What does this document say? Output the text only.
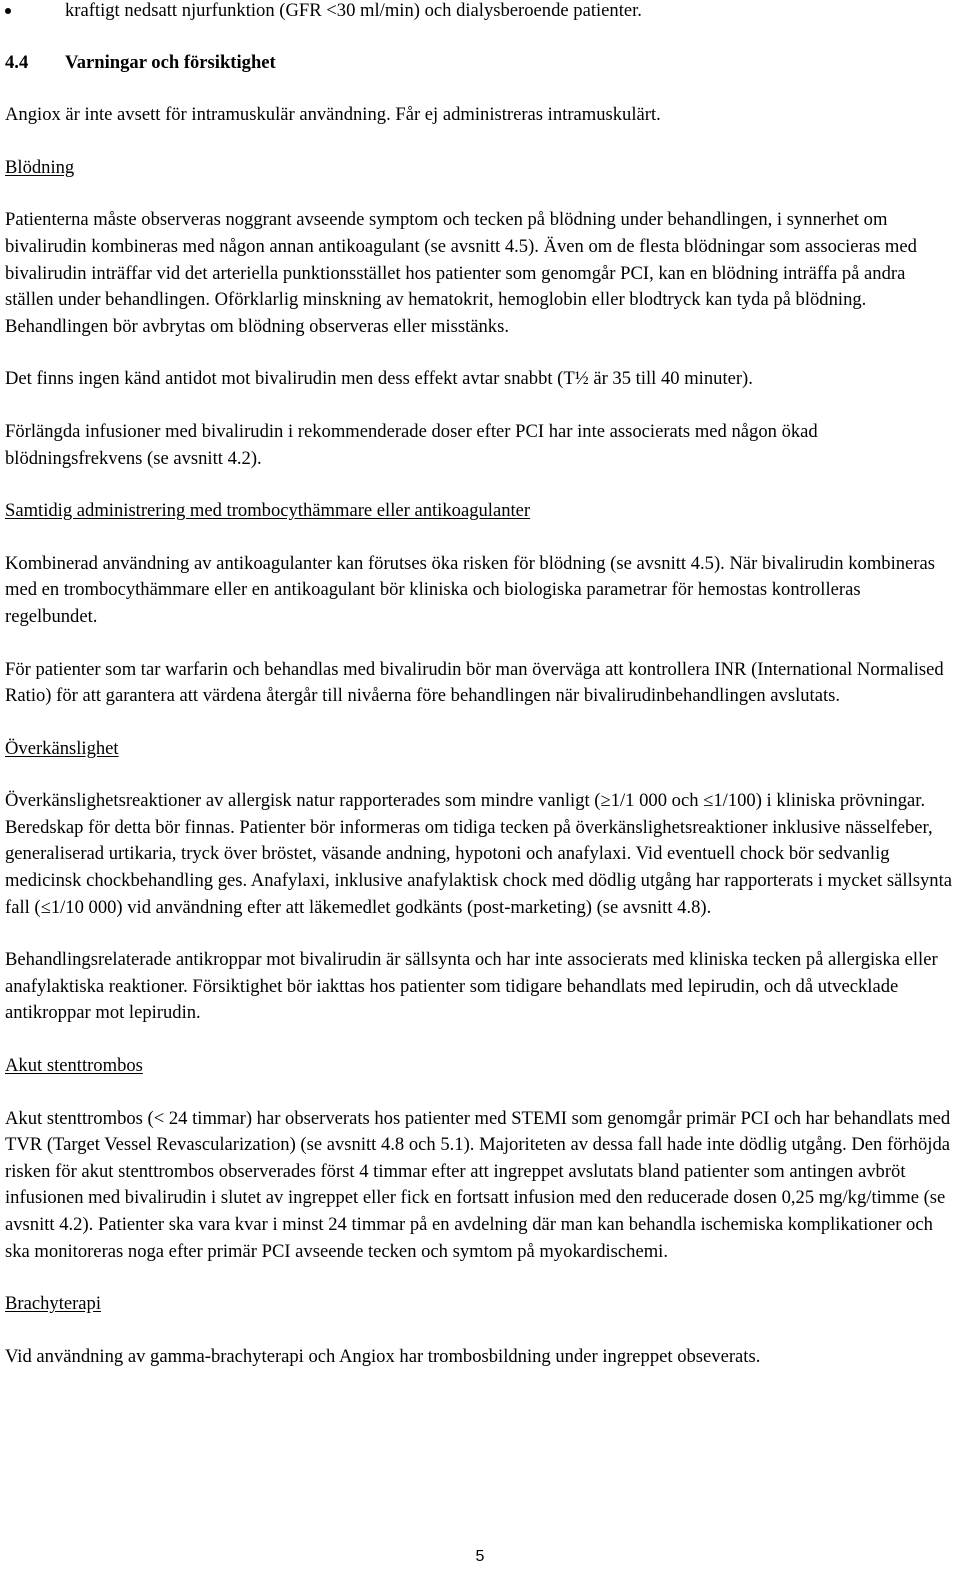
kraftigt nedsatt njurfunktion (GFR <30 ml/min) och dialysberoende patienter.

4.4 Varningar och försiktighet

Angiox är inte avsett för intramuskulär användning. Får ej administreras intramuskulärt.

Blödning

Patienterna måste observeras noggrant avseende symptom och tecken på blödning under behandlingen, i synnerhet om bivalirudin kombineras med någon annan antikoagulant (se avsnitt 4.5). Även om de flesta blödningar som associeras med bivalirudin inträffar vid det arteriella punktionsstället hos patienter som genomgår PCI, kan en blödning inträffa på andra ställen under behandlingen. Oförklarlig minskning av hematokrit, hemoglobin eller blodtryck kan tyda på blödning. Behandlingen bör avbrytas om blödning observeras eller misstänks.

Det finns ingen känd antidot mot bivalirudin men dess effekt avtar snabbt (T½ är 35 till 40 minuter).

Förlängda infusioner med bivalirudin i rekommenderade doser efter PCI har inte associerats med någon ökad blödningsfrekvens (se avsnitt 4.2).

Samtidig administrering med trombocythämmare eller antikoagulanter

Kombinerad användning av antikoagulanter kan förutses öka risken för blödning (se avsnitt 4.5). När bivalirudin kombineras med en trombocythämmare eller en antikoagulant bör kliniska och biologiska parametrar för hemostas kontrolleras regelbundet.

För patienter som tar warfarin och behandlas med bivalirudin bör man överväga att kontrollera INR (International Normalised Ratio) för att garantera att värdena återgår till nivåerna före behandlingen när bivalirudinbehandlingen avslutats.

Överkänslighet

Överkänslighetsreaktioner av allergisk natur rapporterades som mindre vanligt (≥1/1 000 och ≤1/100) i kliniska prövningar. Beredskap för detta bör finnas. Patienter bör informeras om tidiga tecken på överkänslighetsreaktioner inklusive nässelfeber, generaliserad urtikaria, tryck över bröstet, väsande andning, hypotoni och anafylaxi. Vid eventuell chock bör sedvanlig medicinsk chockbehandling ges. Anafylaxi, inklusive anafylaktisk chock med dödlig utgång har rapporterats i mycket sällsynta fall (≤1/10 000) vid användning efter att läkemedlet godkänts (post-marketing) (se avsnitt 4.8).

Behandlingsrelaterade antikroppar mot bivalirudin är sällsynta och har inte associerats med kliniska tecken på allergiska eller anafylaktiska reaktioner. Försiktighet bör iakttas hos patienter som tidigare behandlats med lepirudin, och då utvecklade antikroppar mot lepirudin.

Akut stenttrombos

Akut stenttrombos (< 24 timmar) har observerats hos patienter med STEMI som genomgår primär PCI och har behandlats med TVR (Target Vessel Revascularization) (se avsnitt 4.8 och 5.1). Majoriteten av dessa fall hade inte dödlig utgång. Den förhöjda risken för akut stenttrombos observerades först 4 timmar efter att ingreppet avslutats bland patienter som antingen avbröt infusionen med bivalirudin i slutet av ingreppet eller fick en fortsatt infusion med den reducerade dosen 0,25 mg/kg/timme (se avsnitt 4.2). Patienter ska vara kvar i minst 24 timmar på en avdelning där man kan behandla ischemiska komplikationer och ska monitoreras noga efter primär PCI avseende tecken och symtom på myokardischemi.

Brachyterapi

Vid användning av gamma-brachyterapi och Angiox har trombosbildning under ingreppet obseverats.

5
